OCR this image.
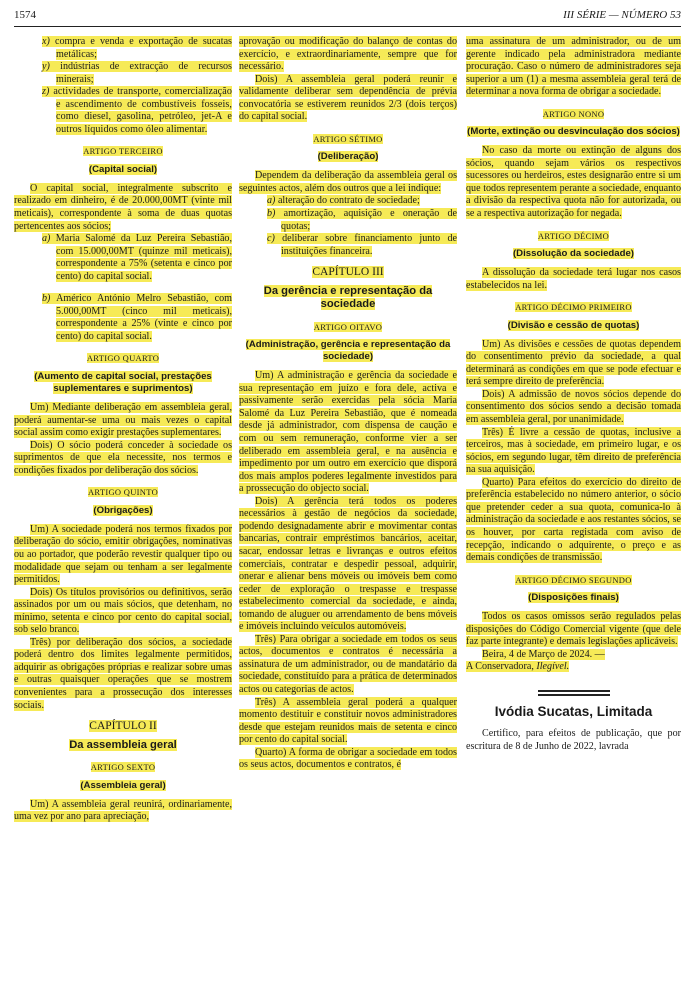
1574	III SÉRIE — NÚMERO 53

x) compra e venda e exportação de sucatas metálicas;

y) indústrias de extracção de recursos minerais;

z) actividades de transporte, comercialização e ascendimento de combustíveis fosseis, como diesel, gasolina, petróleo, jet-A e outros líquidos como óleo alimentar.

ARTIGO TERCEIRO
(Capital social)

O capital social, integralmente subscrito e realizado em dinheiro, é de 20.000,00MT (vinte mil meticais), correspondente à soma de duas quotas pertencentes aos sócios;

a) Maria Salomé da Luz Pereira Sebastião, com 15.000,00MT (quinze mil meticais), correspondente a 75% (setenta e cinco por cento) do capital social.

b) Américo António Melro Sebastião, com 5.000,00MT (cinco mil meticais), correspondente a 25% (vinte e cinco por cento) do capital social.

ARTIGO QUARTO
(Aumento de capital social, prestações suplementares e suprimentos)

Um) Mediante deliberação em assembleia geral, poderá aumentar-se uma ou mais vezes o capital social assim como exigir prestações suplementares.

Dois) O sócio poderá conceder à sociedade os suprimentos de que ela necessite, nos termos e condições fixados por deliberação dos sócios.

ARTIGO QUINTO
(Obrigações)

Um) A sociedade poderá nos termos fixados por deliberação do sócio, emitir obrigações, nominativas ou ao portador, que poderão revestir qualquer tipo ou modalidade que sejam ou tenham a ser legalmente permitidos.

Dois) Os títulos provisórios ou definitivos, serão assinados por um ou mais sócios, que detenham, no mínimo, setenta e cinco por cento do capital social, sob selo branco.

Três) por deliberação dos sócios, a sociedade poderá dentro dos limites legalmente permitidos, adquirir as obrigações próprias e realizar sobre umas e outras quaisquer operações que se mostrem convenientes para a prossecução dos interesses sociais.

CAPÍTULO II
Da assembleia geral
ARTIGO SEXTO
(Assembleia geral)

Um) A assembleia geral reunirá, ordinariamente, uma vez por ano para apreciação,

aprovação ou modificação do balanço de contas do exercício, e extraordinariamente, sempre que for necessário.

Dois) A assembleia geral poderá reunir e validamente deliberar sem dependência de prévia convocatória se estiverem reunidos 2/3 (dois terços) do capital social.

ARTIGO SÉTIMO
(Deliberação)

Dependem da deliberação da assembleia geral os seguintes actos, além dos outros que a lei indique:

a) alteração do contrato de sociedade;

b) amortização, aquisição e oneração de quotas;

c) deliberar sobre financiamento junto de instituições financeira.

CAPÍTULO III
Da gerência e representação da sociedade
ARTIGO OITAVO
(Administração, gerência e representação da sociedade)

Um) A administração e gerência da sociedade e sua representação em juízo e fora dele, activa e passivamente serão exercidas pela sócia Maria Salomé da Luz Pereira Sebastião, que é nomeada desde já administrador, com dispensa de caução e com ou sem remuneração, conforme vier a ser deliberado em assembleia geral, e na ausência e impedimento por um outro em exercício que disporá dos mais amplos poderes legalmente investidos para a prossecução do objecto social.

Dois) A gerência terá todos os poderes necessários à gestão de negócios da sociedade, podendo designadamente abrir e movimentar contas bancarias, contrair empréstimos bancários, aceitar, sacar, endossar letras e livranças e outros efeitos comerciais, contratar e despedir pessoal, adquirir, onerar e alienar bens móveis ou imóveis bem como ceder de exploração o trespasse e trespasse estabelecimento comercial da sociedade, e ainda, tomando de aluguer ou arrendamento de bens móveis e imóveis incluindo veículos automóveis.

Três) Para obrigar a sociedade em todos os seus actos, documentos e contratos é necessária a assinatura de um administrador, ou de mandatário da sociedade, constituído para a prática de determinados actos ou categorias de actos.

Três) A assembleia geral poderá a qualquer momento destituir e constituir novos administradores desde que estejam reunidos mais de setenta e cinco por cento do capital social.

Quarto) A forma de obrigar a sociedade em todos os seus actos, documentos e contratos, é

uma assinatura de um administrador, ou de um gerente indicado pela administradora mediante procuração. Caso o número de administradores seja superior a um (1) a mesma assembleia geral terá de determinar a nova forma de obrigar a sociedade.

ARTIGO NONO
(Morte, extinção ou desvinculação dos sócios)

No caso da morte ou extinção de alguns dos sócios, quando sejam vários os respectivos sucessores ou herdeiros, estes designarão entre si um que todos representem perante a sociedade, enquanto a divisão da respectiva quota não for autorizada, ou se a respectiva autorização for negada.

ARTIGO DÉCIMO
(Dissolução da sociedade)

A dissolução da sociedade terá lugar nos casos estabelecidos na lei.

ARTIGO DÉCIMO PRIMEIRO
(Divisão e cessão de quotas)

Um) As divisões e cessões de quotas dependem do consentimento prévio da sociedade, a qual determinará as condições em que se pode efectuar e terá sempre direito de preferência.

Dois) A admissão de novos sócios depende do consentimento dos sócios sendo a decisão tomada em assembleia geral, por unanimidade.

Três) É livre a cessão de quotas, inclusive a terceiros, mas à sociedade, em primeiro lugar, e os sócios, em segundo lugar, têm direito de preferência na sua aquisição.

Quarto) Para efeitos do exercício do direito de preferência estabelecido no número anterior, o sócio que pretender ceder a sua quota, comunica-lo à administração da sociedade e aos restantes sócios, se os houver, por carta registada com aviso de recepção, indicando o adquirente, o preço e as demais condições de transmissão.

ARTIGO DÉCIMO SEGUNDO
(Disposições finais)

Todos os casos omissos serão regulados pelas disposições do Código Comercial vigente (que dele faz parte integrante) e demais legislações aplicáveis.

Beira, 4 de Março de 2024. —

A Conservadora, Ilegível.

Ivódia Sucatas, Limitada

Certifico, para efeitos de publicação, que por escritura de 8 de Junho de 2022, lavrada
